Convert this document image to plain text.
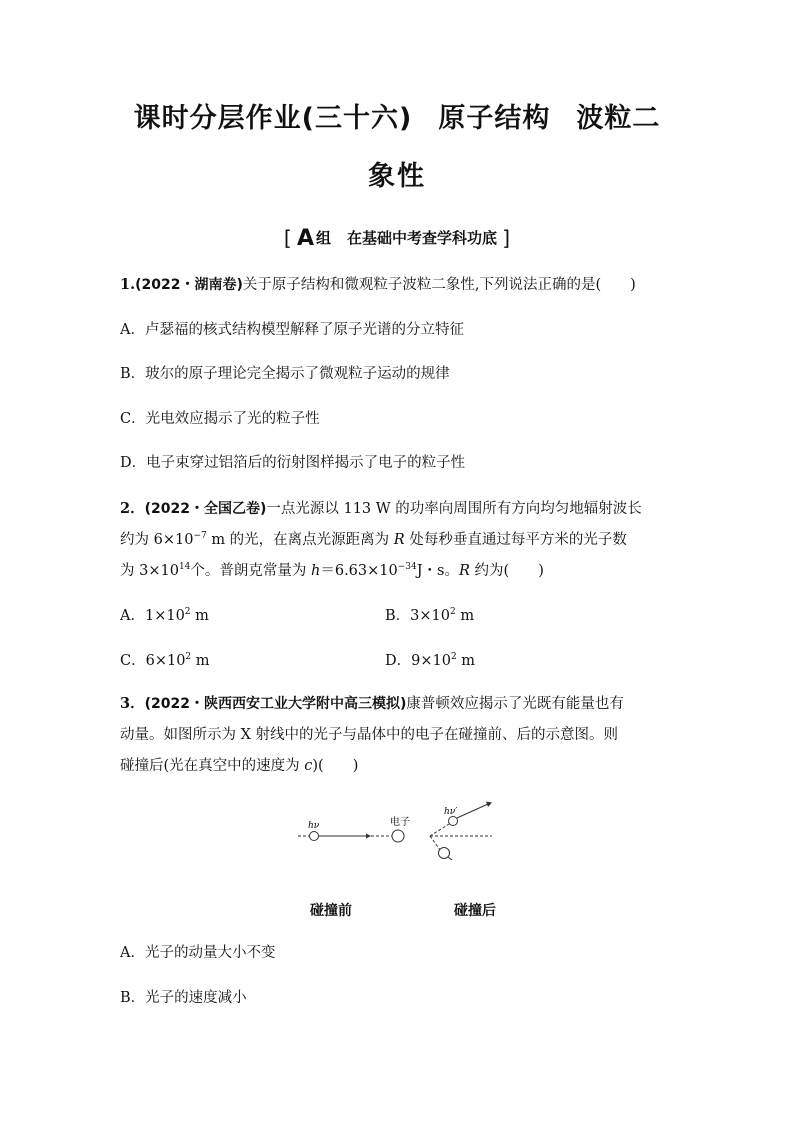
课时分层作业(三十六) 原子结构 波粒二
象性
[ A 组 在基础中考查学科功底 ]
1.(2022・湖南卷)关于原子结构和微观粒子波粒二象性,下列说法正确的是(　　)
A．卢瑟福的核式结构模型解释了原子光谱的分立特征
B．玻尔的原子理论完全揭示了微观粒子运动的规律
C．光电效应揭示了光的粒子性
D．电子束穿过铝箔后的衍射图样揭示了电子的粒子性
2．(2022・全国乙卷)一点光源以 113 W 的功率向周围所有方向均匀地辐射波长
约为 $6\times 10^{-7}$ m 的光，在离点光源距离为 R 处每秒垂直通过每平方米的光子数
为 $3\times 10^{14}$个。普朗克常量为 $h=6.63\times 10^{-34}J$・s。R 约为(　　)
A．$1\times 10^2$ m	B．$3\times 10^2$ m
C．$6\times 10^2$ m	D．$9\times 10^2$ m
3．(2022・陕西西安工业大学附中高三模拟)康普顿效应揭示了光既有能量也有
动量。如图所示为 X 射线中的光子与晶体中的电子在碰撞前、后的示意图。则
碰撞后(光在真空中的速度为 c)(　　)
hν	电子
hν′
碰撞前	碰撞后
A．光子的动量大小不变
B．光子的速度减小
